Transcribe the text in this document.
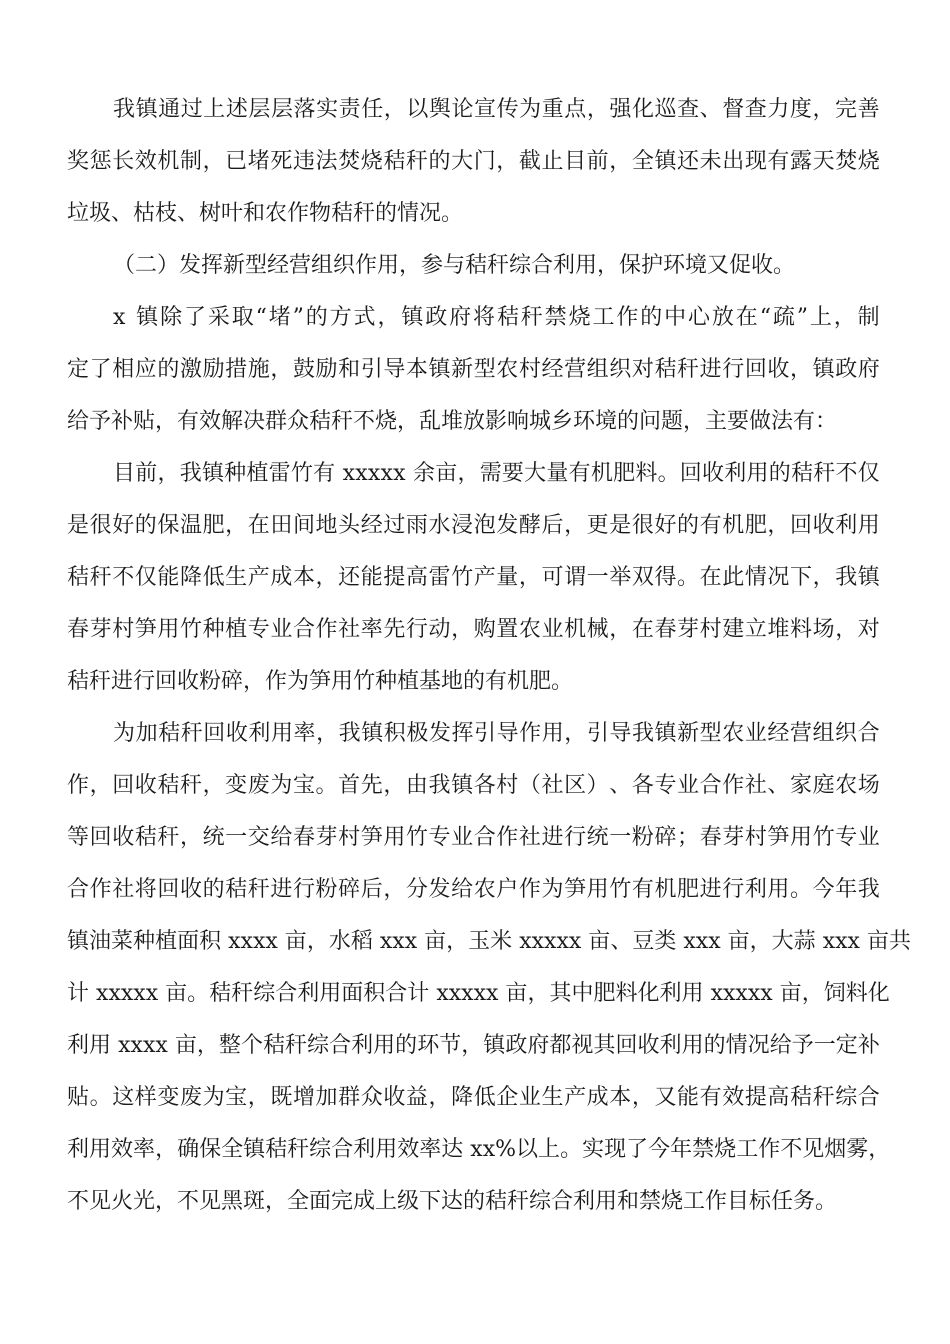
我 镇 通 过 上 述 层 层 落 实 责 任 ， 以 舆 论 宣 传 为 重 点 ， 强 化 巡 查 、 督 查 力 度 ， 完 善
奖 惩 长 效 机 制 ， 已 堵 死 违 法 焚 烧 秸 秆 的 大 门 ， 截 止 目 前 ， 全 镇 还 未 出 现 有 露 天 焚 烧
垃圾、枯枝、树叶和农作物秸秆的情况。
（二）发挥新型经营组织作用，参与秸秆综合利用，保护环境又促收。
x
镇 除 了 采 取 “ 堵 ” 的 方 式 ， 镇 政 府 将 秸 秆 禁 烧 工 作 的 中 心 放 在 “ 疏 ” 上 ， 制
定 了 相 应 的 激 励 措 施 ， 鼓 励 和 引 导 本 镇 新 型 农 村 经 营 组 织 对 秸 秆 进 行 回 收 ， 镇 政 府
给予补贴，有效解决群众秸秆不烧，乱堆放影响城乡环境的问题，主要做法有：
目 前 ， 我 镇 种 植 雷 竹 有
x x x x x
余 亩 ， 需 要 大 量 有 机 肥 料 。 回 收 利 用 的 秸 秆 不 仅
是 很 好 的 保 温 肥 ， 在 田 间 地 头 经 过 雨 水 浸 泡 发 酵 后 ， 更 是 很 好 的 有 机 肥 ， 回 收 利 用
秸 秆 不 仅 能 降 低 生 产 成 本 ， 还 能 提 高 雷 竹 产 量 ， 可 谓 一 举 双 得 。 在 此 情 况 下 ， 我 镇
春 芽 村 笋 用 竹 种 植 专 业 合 作 社 率 先 行 动 ， 购 置 农 业 机 械 ， 在 春 芽 村 建 立 堆 料 场 ， 对
秸秆进行回收粉碎，作为笋用竹种植基地的有机肥。
为 加 秸 秆 回 收 利 用 率 ， 我 镇 积 极 发 挥 引 导 作 用 ， 引 导 我 镇 新 型 农 业 经 营 组 织 合
作 ， 回 收 秸 秆 ， 变 废 为 宝 。 首 先 ， 由 我 镇 各 村 （ 社 区 ） 、 各 专 业 合 作 社 、 家 庭 农 场
等 回 收 秸 秆 ， 统 一 交 给 春 芽 村 笋 用 竹 专 业 合 作 社 进 行 统 一 粉 碎 ； 春 芽 村 笋 用 竹 专 业
合 作 社 将 回 收 的 秸 秆 进 行 粉 碎 后 ， 分 发 给 农 户 作 为 笋 用 竹 有 机 肥 进 行 利 用 。 今 年 我
镇 油 菜 种 植 面 积
x x x x
亩 ， 水 稻
x x x
亩 ， 玉 米
x x x x x
亩 、 豆 类
x x x
亩 ， 大 蒜
x x x
亩 共
计
x x x x x
亩 。 秸 秆 综 合 利 用 面 积 合 计
x x x x x
亩 ， 其 中 肥 料 化 利 用
x x x x x
亩 ， 饲 料 化
利 用
x x x x
亩 ， 整 个 秸 秆 综 合 利 用 的 环 节 ， 镇 政 府 都 视 其 回 收 利 用 的 情 况 给 予 一 定 补
贴 。 这 样 变 废 为 宝 ， 既 增 加 群 众 收 益 ， 降 低 企 业 生 产 成 本 ， 又 能 有 效 提 高 秸 秆 综 合
利 用 效 率 ， 确 保 全 镇 秸 秆 综 合 利 用 效 率 达
x x % 以 上 。 实 现 了 今 年 禁 烧 工 作 不 见 烟 雾 ，
不见火光，不见黑斑，全面完成上级下达的秸秆综合利用和禁烧工作目标任务。
